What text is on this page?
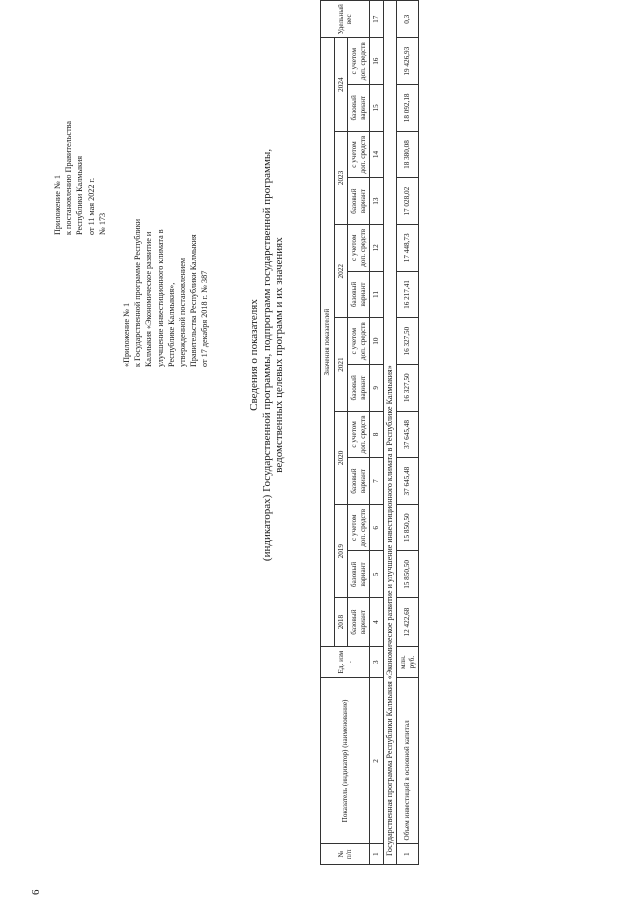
6
Приложение № 1 к постановлению Правительства Республики Калмыкия от 11 мая 2022 г. № 173
«Приложение № 1 к Государственной программе Республики Калмыкия «Экономическое развитие и улучшение инвестиционного климата в Республике Калмыкия», утвержденной постановлением Правительства Республики Калмыкия от 17 декабря 2018 г. № 387	Сведения о показателях (индикаторах) Государственной программы, подпрограмм государственной программы, ведомственных целевых программ и их значениях
№ п/п	Показатель (индикатор) (наименование)	Ед. изм .	Значения показателей													Удельный вес
			2018	2019		2020		2021		2022		2023		2024		
			базовый вариант	базовый вариант	с учетом доп. средств	базовый вариант	с учетом доп. средств	базовый вариант	с учетом доп. средств	базовый вариант	с учетом доп. средств	базовый вариант	с учетом доп. средств	базовый вариант	с учетом доп. средств	
1	2	3	4	5	6	7	8	9	10	11	12	13	14	15	16	17
Государственная программа Республики Калмыкия «Экономическое развитие и улучшение инвестиционного климата в Республике Калмыкия»																
1	Объем инвестиций в основной капитал	млн. руб.	12 422,68	15 850,50	15 850,50	37 645,48	37 645,48	16 327,50	16 327,50	16 217,41	17 448,73	17 028,02	18 380,08	18 092,18	19 426,93	0,3
